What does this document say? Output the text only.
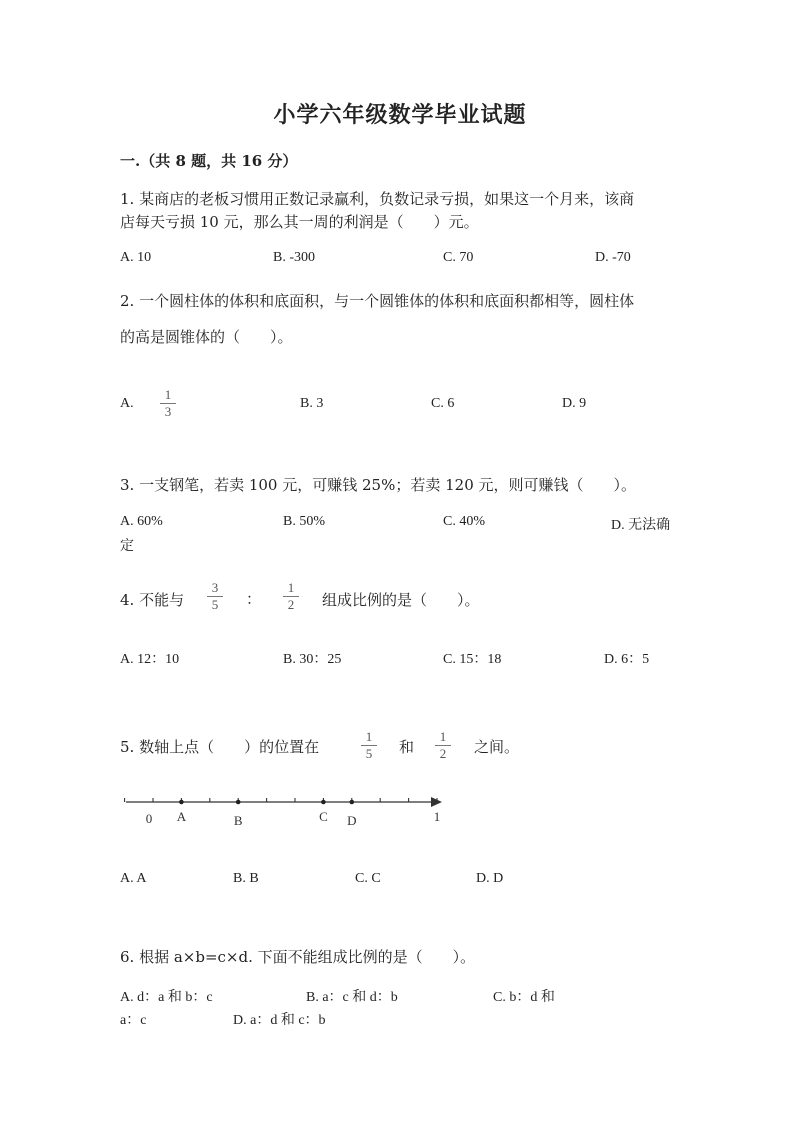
小学六年级数学毕业试题
一.（共 8 题，共 16 分）
1. 某商店的老板习惯用正数记录赢利，负数记录亏损，如果这一个月来，该商
店每天亏损 10 元，那么其一周的利润是（　　）元。
A. 10	B. -300	C. 70	D. -70
2. 一个圆柱体的体积和底面积，与一个圆锥体的体积和底面积都相等，圆柱体
的高是圆锥体的（　　）。
A.
1
3
B. 3	C. 6	D. 9
3. 一支钢笔，若卖 100 元，可赚钱 25%；若卖 120 元，则可赚钱（　　）。
A. 60%	B. 50%	C. 40%	D. 无法确
定
4. 不能与
3
5	：
1
2	组成比例的是（　　）。
A. 12：10	B. 30：25	C. 15：18	D. 6：5
5. 数轴上点（　　）的位置在
1
5	和
1
2	之间。
A	B	C D
0	1
A. A	B. B	C. C	D. D
6. 根据 a×b=c×d. 下面不能组成比例的是（　　）。
A. d：a 和 b：c	B. a：c 和 d：b	C. b：d 和
a：c	D. a：d 和 c：b
